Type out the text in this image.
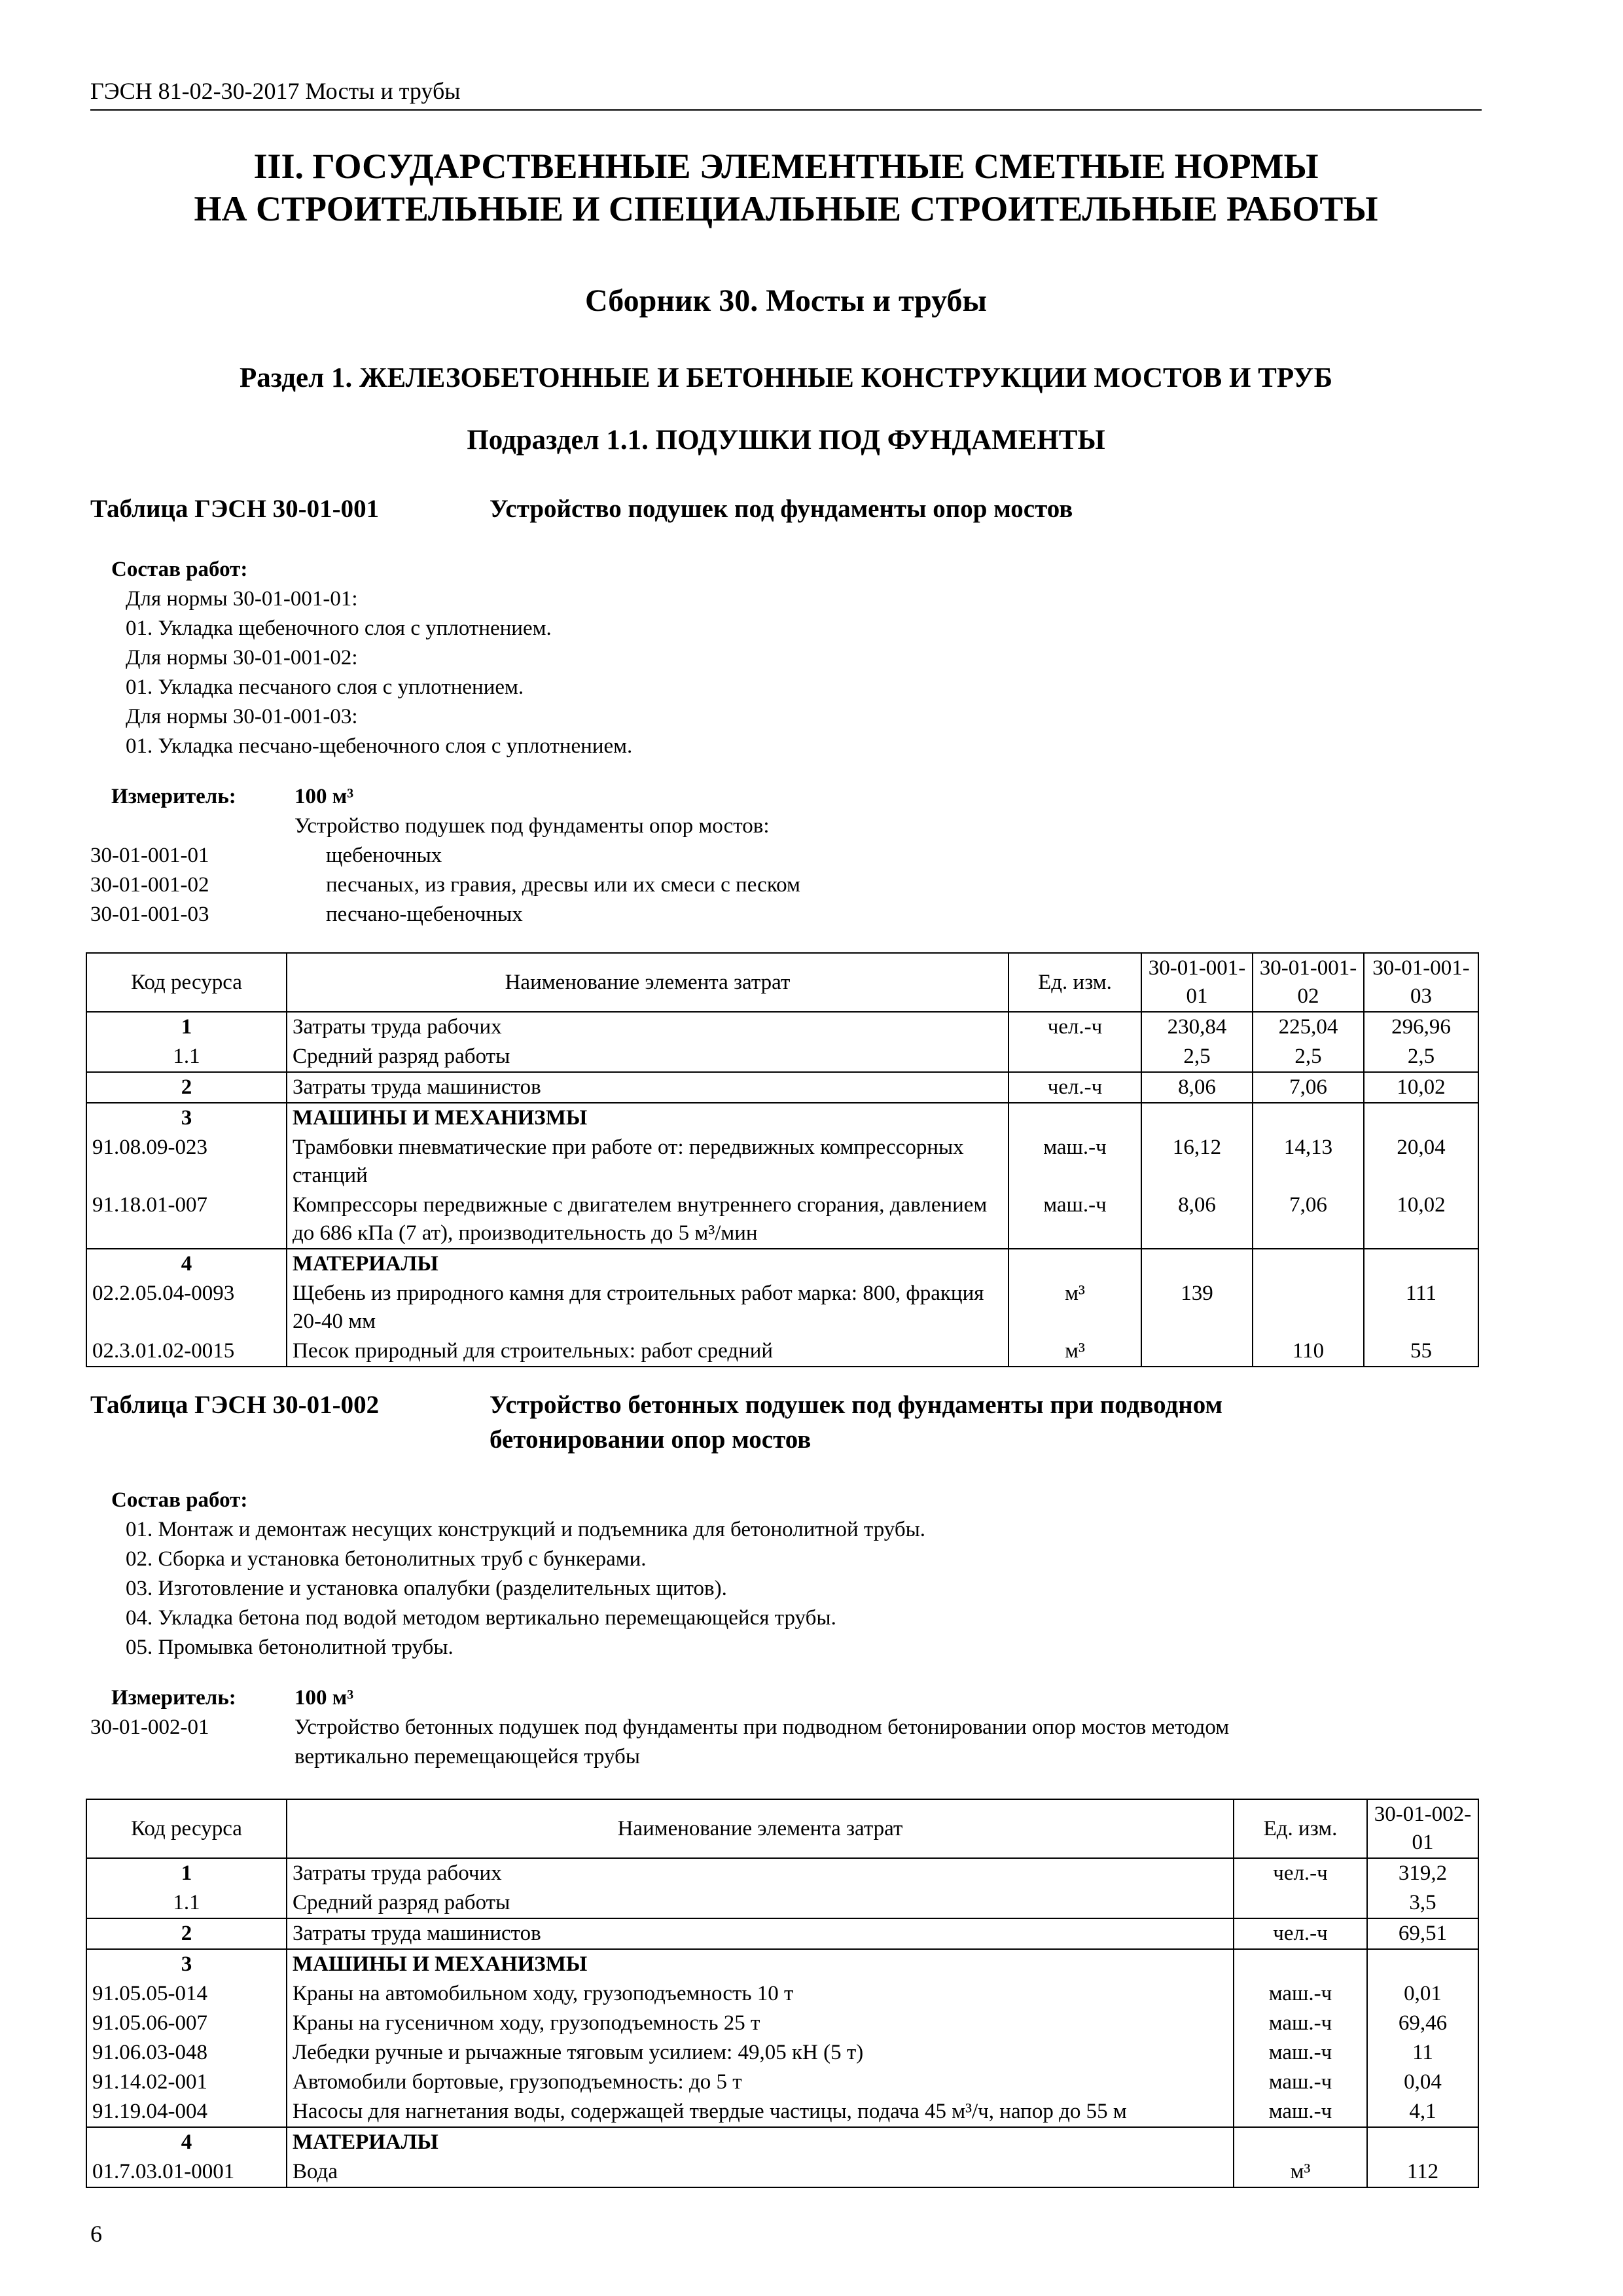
ГЭСН 81-02-30-2017 Мосты и трубы
III. ГОСУДАРСТВЕННЫЕ ЭЛЕМЕНТНЫЕ СМЕТНЫЕ НОРМЫ
НА СТРОИТЕЛЬНЫЕ И СПЕЦИАЛЬНЫЕ СТРОИТЕЛЬНЫЕ РАБОТЫ
Сборник 30. Мосты и трубы
Раздел 1. ЖЕЛЕЗОБЕТОННЫЕ И БЕТОННЫЕ КОНСТРУКЦИИ МОСТОВ И ТРУБ
Подраздел 1.1. ПОДУШКИ ПОД ФУНДАМЕНТЫ
Таблица ГЭСН 30-01-001	Устройство подушек под фундаменты опор мостов
Состав работ:
Для нормы 30-01-001-01:
01. Укладка щебеночного слоя с уплотнением.
Для нормы 30-01-001-02:
01. Укладка песчаного слоя с уплотнением.
Для нормы 30-01-001-03:
01. Укладка песчано-щебеночного слоя с уплотнением.
Измеритель:	100 м³
Устройство подушек под фундаменты опор мостов:
30-01-001-01	щебеночных
30-01-001-02	песчаных, из гравия, дресвы или их смеси с песком
30-01-001-03	песчано-щебеночных
Код ресурса	Наименование элемента затрат	Ед. изм.	30-01-001-01	30-01-001-02	30-01-001-03
1	Затраты труда рабочих	чел.-ч	230,84	225,04	296,96
1.1	Средний разряд работы		2,5	2,5	2,5
2	Затраты труда машинистов	чел.-ч	8,06	7,06	10,02
3	МАШИНЫ И МЕХАНИЗМЫ				
91.08.09-023	Трамбовки пневматические при работе от: передвижных компрессорных станций	маш.-ч	16,12	14,13	20,04
91.18.01-007	Компрессоры передвижные с двигателем внутреннего сгорания, давлением до 686 кПа (7 ат), производительность до 5 м³/мин	маш.-ч	8,06	7,06	10,02
4	МАТЕРИАЛЫ				
02.2.05.04-0093	Щебень из природного камня для строительных работ марка: 800, фракция 20-40 мм	м³	139		111
02.3.01.02-0015	Песок природный для строительных: работ средний	м³		110	55
Таблица ГЭСН 30-01-002	Устройство бетонных подушек под фундаменты при подводном
бетонировании опор мостов
Состав работ:
01. Монтаж и демонтаж несущих конструкций и подъемника для бетонолитной трубы.
02. Сборка и установка бетонолитных труб с бункерами.
03. Изготовление и установка опалубки (разделительных щитов).
04. Укладка бетона под водой методом вертикально перемещающейся трубы.
05. Промывка бетонолитной трубы.
Измеритель:	100 м³
30-01-002-01	Устройство бетонных подушек под фундаменты при подводном бетонировании опор мостов методом
вертикально перемещающейся трубы
Код ресурса	Наименование элемента затрат	Ед. изм.	30-01-002-01
1	Затраты труда рабочих	чел.-ч	319,2
1.1	Средний разряд работы		3,5
2	Затраты труда машинистов	чел.-ч	69,51
3	МАШИНЫ И МЕХАНИЗМЫ		
91.05.05-014	Краны на автомобильном ходу, грузоподъемность 10 т	маш.-ч	0,01
91.05.06-007	Краны на гусеничном ходу, грузоподъемность 25 т	маш.-ч	69,46
91.06.03-048	Лебедки ручные и рычажные тяговым усилием: 49,05 кН (5 т)	маш.-ч	11
91.14.02-001	Автомобили бортовые, грузоподъемность: до 5 т	маш.-ч	0,04
91.19.04-004	Насосы для нагнетания воды, содержащей твердые частицы, подача 45 м³/ч, напор до 55 м	маш.-ч	4,1
4	МАТЕРИАЛЫ		
01.7.03.01-0001	Вода	м³	112
6
